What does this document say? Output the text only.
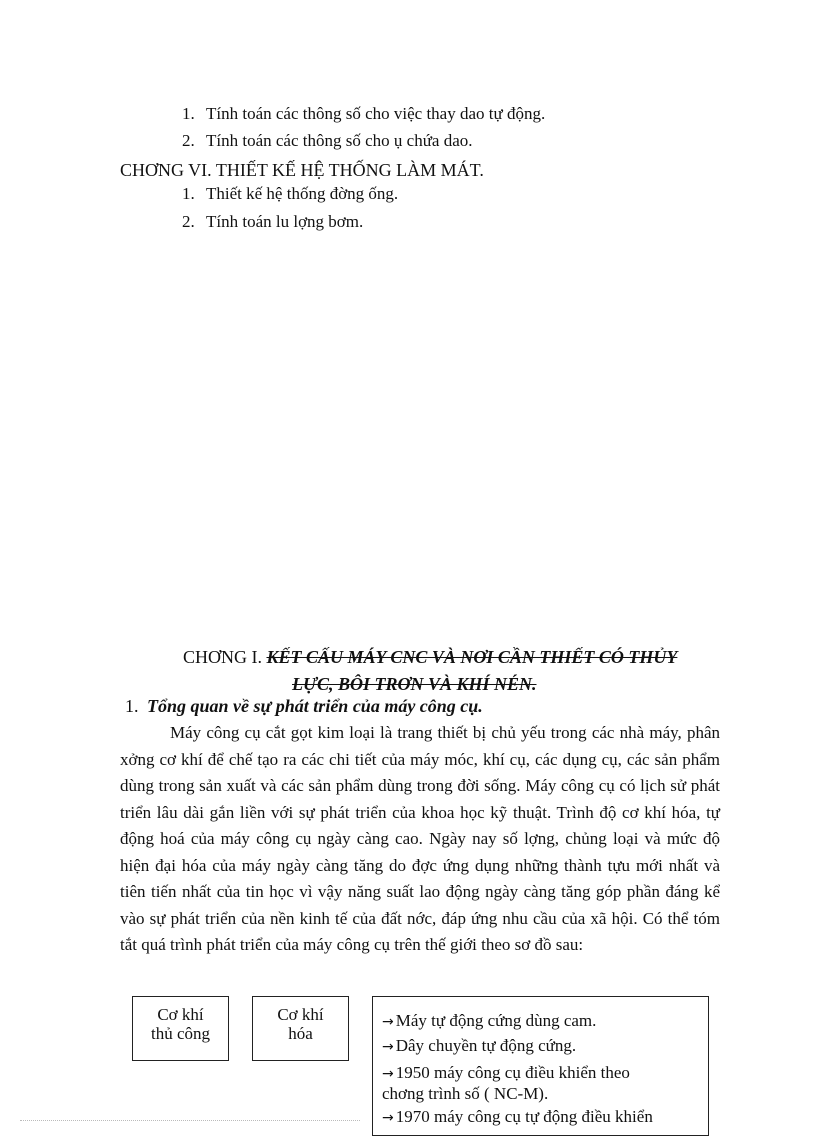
1. Tính toán các thông số cho việc thay dao tự động.
2. Tính toán các thông số cho ụ chứa dao.
CHƠNG VI. THIẾT KẾ HỆ THỐNG LÀM MÁT.
1. Thiết kế hệ thống đờng ống.
2. Tính toán lu lợng bơm.
CHƠNG I. KẾT CẤU MÁY CNC VÀ NƠI CẦN THIẾT CÓ THỦY
LỰC, BÔI TRƠN VÀ KHÍ NÉN.
1. Tổng quan về sự phát triển của máy công cụ.
Máy công cụ cắt gọt kim loại là trang thiết bị chủ yếu trong các nhà máy, phân xởng cơ khí để chế tạo ra các chi tiết của máy móc, khí cụ, các dụng cụ, các sản phẩm dùng trong sản xuất và các sản phẩm dùng trong đời sống. Máy công cụ có lịch sử phát triển lâu dài gắn liền với sự phát triển của khoa học kỹ thuật. Trình độ cơ khí hóa, tự động hoá của máy công cụ ngày càng cao. Ngày nay số lợng, chủng loại và mức độ hiện đại hóa của máy ngày càng tăng do đợc ứng dụng những thành tựu mới nhất và tiên tiến nhất của tin học vì vậy năng suất lao động ngày càng tăng góp phần đáng kể vào sự phát triển của nền kinh tế của đất nớc, đáp ứng nhu cầu của xã hội. Có thể tóm tắt quá trình phát triển của máy công cụ trên thế giới theo sơ đồ sau:
Cơ khí
thủ công
Cơ khí
hóa
→ Máy tự động cứng dùng cam.
→ Dây chuyền tự động cứng.
→ 1950 máy công cụ điều khiển theo
chơng trình số ( NC-M).
→ 1970 máy công cụ tự động điều khiển
